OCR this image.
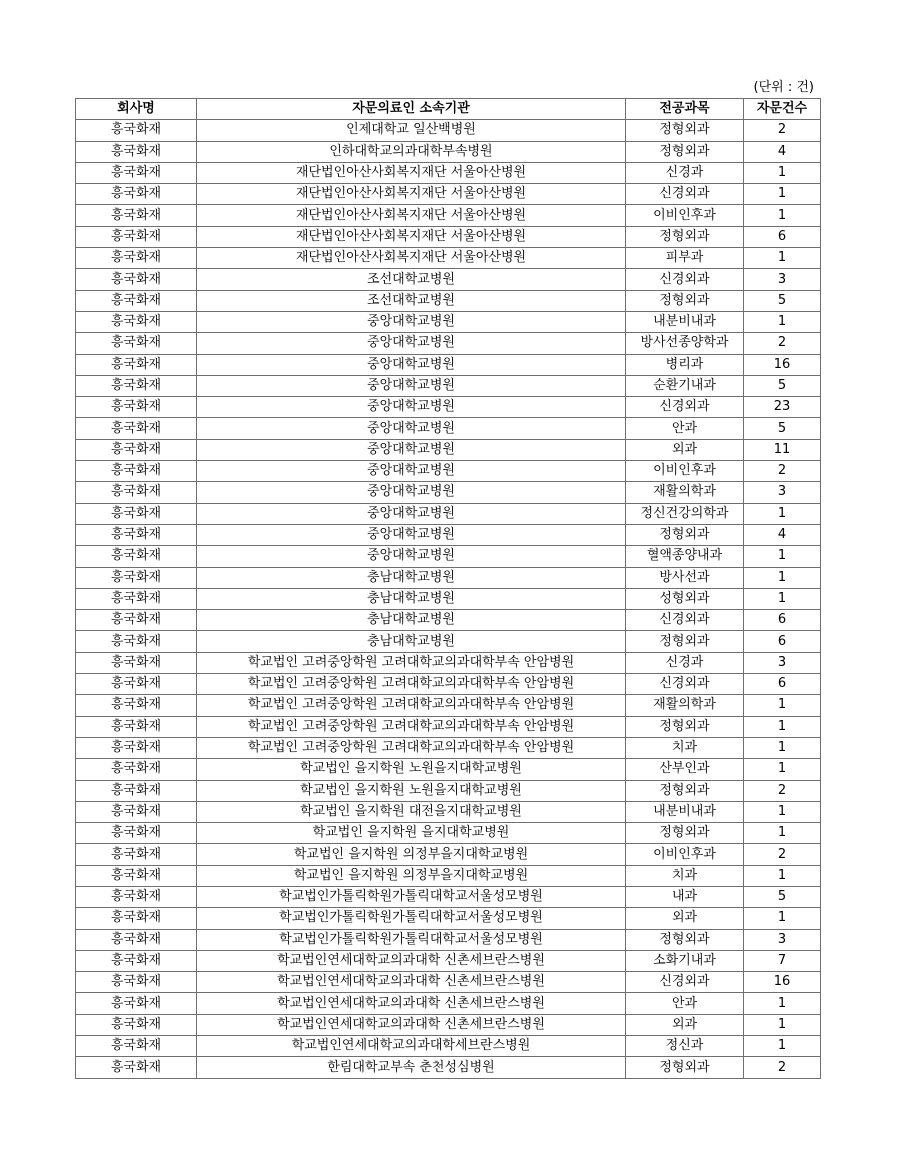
(단위 : 건)
회사명	자문의료인 소속기관	전공과목	자문건수
흥국화재	인제대학교 일산백병원	정형외과	2
흥국화재	인하대학교의과대학부속병원	정형외과	4
흥국화재	재단법인아산사회복지재단 서울아산병원	신경과	1
흥국화재	재단법인아산사회복지재단 서울아산병원	신경외과	1
흥국화재	재단법인아산사회복지재단 서울아산병원	이비인후과	1
흥국화재	재단법인아산사회복지재단 서울아산병원	정형외과	6
흥국화재	재단법인아산사회복지재단 서울아산병원	피부과	1
흥국화재	조선대학교병원	신경외과	3
흥국화재	조선대학교병원	정형외과	5
흥국화재	중앙대학교병원	내분비내과	1
흥국화재	중앙대학교병원	방사선종양학과	2
흥국화재	중앙대학교병원	병리과	16
흥국화재	중앙대학교병원	순환기내과	5
흥국화재	중앙대학교병원	신경외과	23
흥국화재	중앙대학교병원	안과	5
흥국화재	중앙대학교병원	외과	11
흥국화재	중앙대학교병원	이비인후과	2
흥국화재	중앙대학교병원	재활의학과	3
흥국화재	중앙대학교병원	정신건강의학과	1
흥국화재	중앙대학교병원	정형외과	4
흥국화재	중앙대학교병원	혈액종양내과	1
흥국화재	충남대학교병원	방사선과	1
흥국화재	충남대학교병원	성형외과	1
흥국화재	충남대학교병원	신경외과	6
흥국화재	충남대학교병원	정형외과	6
흥국화재	학교법인 고려중앙학원 고려대학교의과대학부속 안암병원	신경과	3
흥국화재	학교법인 고려중앙학원 고려대학교의과대학부속 안암병원	신경외과	6
흥국화재	학교법인 고려중앙학원 고려대학교의과대학부속 안암병원	재활의학과	1
흥국화재	학교법인 고려중앙학원 고려대학교의과대학부속 안암병원	정형외과	1
흥국화재	학교법인 고려중앙학원 고려대학교의과대학부속 안암병원	치과	1
흥국화재	학교법인 을지학원 노원을지대학교병원	산부인과	1
흥국화재	학교법인 을지학원 노원을지대학교병원	정형외과	2
흥국화재	학교법인 을지학원 대전을지대학교병원	내분비내과	1
흥국화재	학교법인 을지학원 을지대학교병원	정형외과	1
흥국화재	학교법인 을지학원 의정부을지대학교병원	이비인후과	2
흥국화재	학교법인 을지학원 의정부을지대학교병원	치과	1
흥국화재	학교법인가톨릭학원가톨릭대학교서울성모병원	내과	5
흥국화재	학교법인가톨릭학원가톨릭대학교서울성모병원	외과	1
흥국화재	학교법인가톨릭학원가톨릭대학교서울성모병원	정형외과	3
흥국화재	학교법인연세대학교의과대학 신촌세브란스병원	소화기내과	7
흥국화재	학교법인연세대학교의과대학 신촌세브란스병원	신경외과	16
흥국화재	학교법인연세대학교의과대학 신촌세브란스병원	안과	1
흥국화재	학교법인연세대학교의과대학 신촌세브란스병원	외과	1
흥국화재	학교법인연세대학교의과대학세브란스병원	정신과	1
흥국화재	한림대학교부속 춘천성심병원	정형외과	2
